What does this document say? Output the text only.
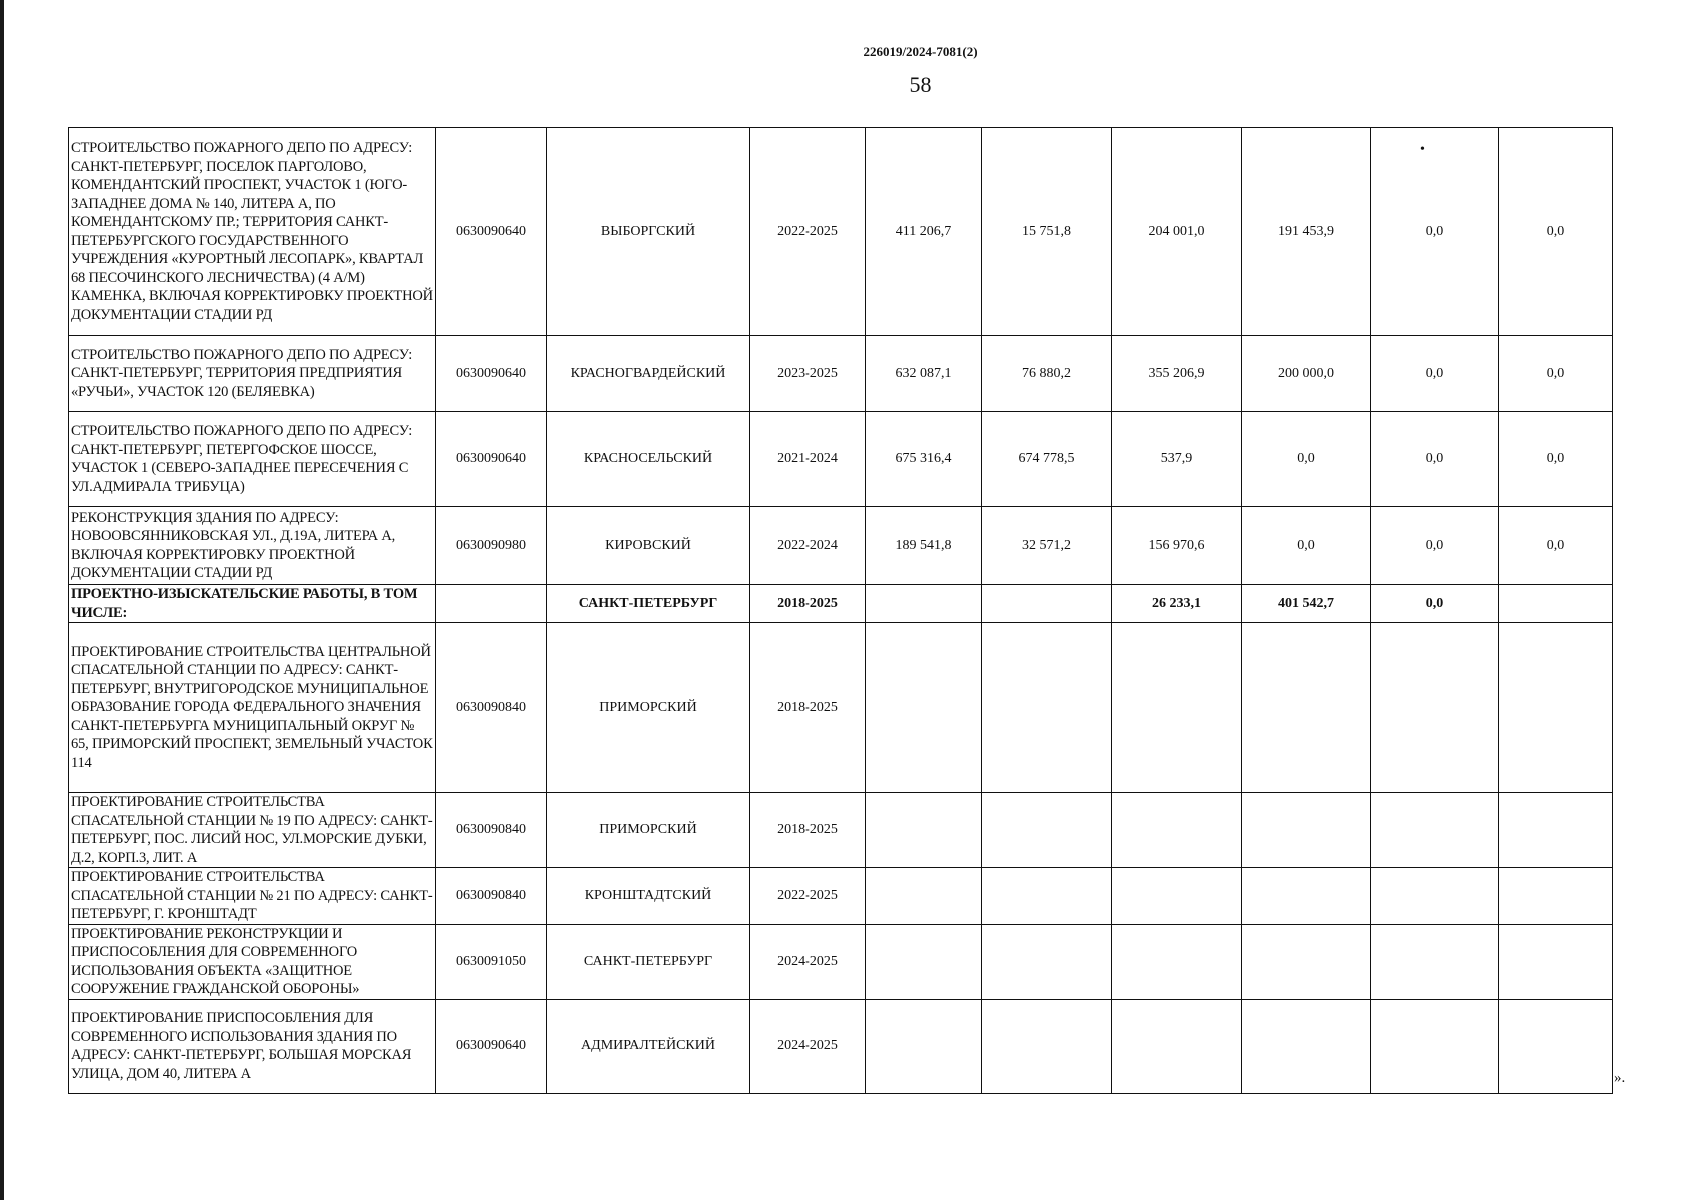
226019/2024-7081(2)
58
•
СТРОИТЕЛЬСТВО ПОЖАРНОГО ДЕПО ПО АДРЕСУ: САНКТ-ПЕТЕРБУРГ, ПОСЕЛОК ПАРГОЛОВО, КОМЕНДАНТСКИЙ ПРОСПЕКТ, УЧАСТОК 1 (ЮГО-ЗАПАДНЕЕ ДОМА № 140, ЛИТЕРА А, ПО КОМЕНДАНТСКОМУ ПР.; ТЕРРИТОРИЯ САНКТ-ПЕТЕРБУРГСКОГО ГОСУДАРСТВЕННОГО УЧРЕЖДЕНИЯ «КУРОРТНЫЙ ЛЕСОПАРК», КВАРТАЛ 68 ПЕСОЧИНСКОГО ЛЕСНИЧЕСТВА) (4 А/М) КАМЕНКА, ВКЛЮЧАЯ КОРРЕКТИРОВКУ ПРОЕКТНОЙ ДОКУМЕНТАЦИИ СТАДИИ РД	0630090640	ВЫБОРГСКИЙ	2022-2025	411 206,7	15 751,8	204 001,0	191 453,9	0,0	0,0
СТРОИТЕЛЬСТВО ПОЖАРНОГО ДЕПО ПО АДРЕСУ: САНКТ-ПЕТЕРБУРГ, ТЕРРИТОРИЯ ПРЕДПРИЯТИЯ «РУЧЬИ», УЧАСТОК 120 (БЕЛЯЕВКА)	0630090640	КРАСНОГВАРДЕЙСКИЙ	2023-2025	632 087,1	76 880,2	355 206,9	200 000,0	0,0	0,0
СТРОИТЕЛЬСТВО ПОЖАРНОГО ДЕПО ПО АДРЕСУ: САНКТ-ПЕТЕРБУРГ, ПЕТЕРГОФСКОЕ ШОССЕ, УЧАСТОК 1 (СЕВЕРО-ЗАПАДНЕЕ ПЕРЕСЕЧЕНИЯ С УЛ.АДМИРАЛА ТРИБУЦА)	0630090640	КРАСНОСЕЛЬСКИЙ	2021-2024	675 316,4	674 778,5	537,9	0,0	0,0	0,0
РЕКОНСТРУКЦИЯ ЗДАНИЯ ПО АДРЕСУ: НОВООВСЯННИКОВСКАЯ УЛ., Д.19А, ЛИТЕРА А, ВКЛЮЧАЯ КОРРЕКТИРОВКУ ПРОЕКТНОЙ ДОКУМЕНТАЦИИ СТАДИИ РД	0630090980	КИРОВСКИЙ	2022-2024	189 541,8	32 571,2	156 970,6	0,0	0,0	0,0
ПРОЕКТНО-ИЗЫСКАТЕЛЬСКИЕ РАБОТЫ, В ТОМ ЧИСЛЕ:		САНКТ-ПЕТЕРБУРГ	2018-2025			26 233,1	401 542,7	0,0	
ПРОЕКТИРОВАНИЕ СТРОИТЕЛЬСТВА ЦЕНТРАЛЬНОЙ СПАСАТЕЛЬНОЙ СТАНЦИИ ПО АДРЕСУ: САНКТ-ПЕТЕРБУРГ, ВНУТРИГОРОДСКОЕ МУНИЦИПАЛЬНОЕ ОБРАЗОВАНИЕ ГОРОДА ФЕДЕРАЛЬНОГО ЗНАЧЕНИЯ САНКТ-ПЕТЕРБУРГА МУНИЦИПАЛЬНЫЙ ОКРУГ № 65, ПРИМОРСКИЙ ПРОСПЕКТ, ЗЕМЕЛЬНЫЙ УЧАСТОК 114	0630090840	ПРИМОРСКИЙ	2018-2025						
ПРОЕКТИРОВАНИЕ СТРОИТЕЛЬСТВА СПАСАТЕЛЬНОЙ СТАНЦИИ № 19 ПО АДРЕСУ: САНКТ-ПЕТЕРБУРГ, ПОС. ЛИСИЙ НОС, УЛ.МОРСКИЕ ДУБКИ, Д.2, КОРП.3, ЛИТ. А	0630090840	ПРИМОРСКИЙ	2018-2025						
ПРОЕКТИРОВАНИЕ СТРОИТЕЛЬСТВА СПАСАТЕЛЬНОЙ СТАНЦИИ № 21 ПО АДРЕСУ: САНКТ-ПЕТЕРБУРГ, Г. КРОНШТАДТ	0630090840	КРОНШТАДТСКИЙ	2022-2025						
ПРОЕКТИРОВАНИЕ РЕКОНСТРУКЦИИ И ПРИСПОСОБЛЕНИЯ ДЛЯ СОВРЕМЕННОГО ИСПОЛЬЗОВАНИЯ ОБЪЕКТА «ЗАЩИТНОЕ СООРУЖЕНИЕ ГРАЖДАНСКОЙ ОБОРОНЫ»	0630091050	САНКТ-ПЕТЕРБУРГ	2024-2025						
ПРОЕКТИРОВАНИЕ ПРИСПОСОБЛЕНИЯ ДЛЯ СОВРЕМЕННОГО ИСПОЛЬЗОВАНИЯ ЗДАНИЯ ПО АДРЕСУ: САНКТ-ПЕТЕРБУРГ, БОЛЬШАЯ МОРСКАЯ УЛИЦА, ДОМ 40, ЛИТЕРА А	0630090640	АДМИРАЛТЕЙСКИЙ	2024-2025						
».
